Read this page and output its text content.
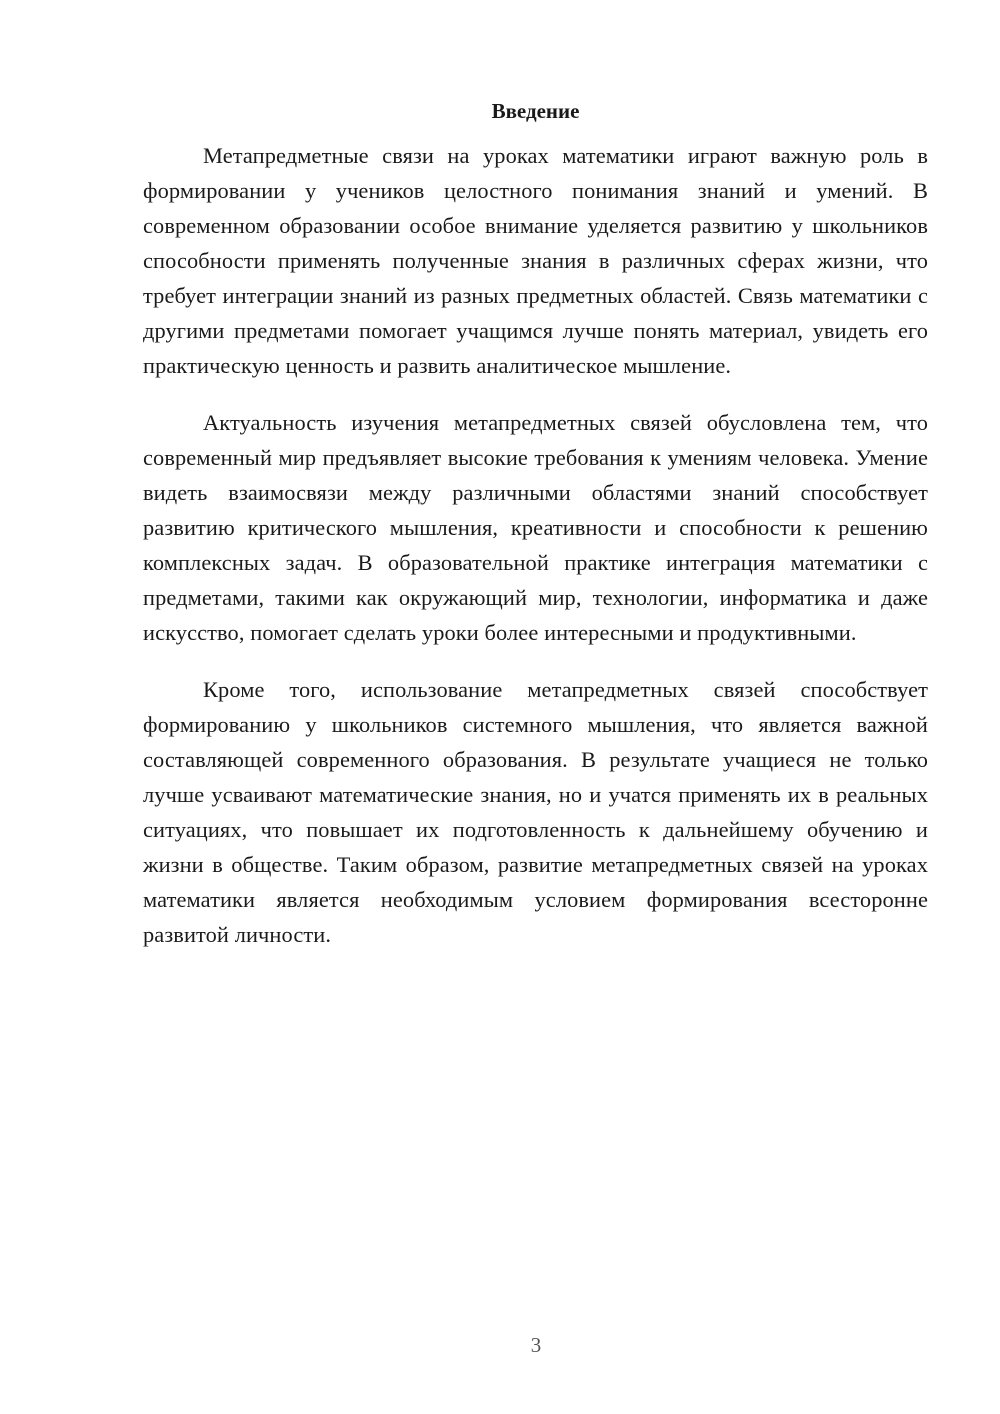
Введение

Метапредметные связи на уроках математики играют важную роль в формировании у учеников целостного понимания знаний и умений. В современном образовании особое внимание уделяется развитию у школьников способности применять полученные знания в различных сферах жизни, что требует интеграции знаний из разных предметных областей. Связь математики с другими предметами помогает учащимся лучше понять материал, увидеть его практическую ценность и развить аналитическое мышление.

Актуальность изучения метапредметных связей обусловлена тем, что современный мир предъявляет высокие требования к умениям человека. Умение видеть взаимосвязи между различными областями знаний способствует развитию критического мышления, креативности и способности к решению комплексных задач. В образовательной практике интеграция математики с предметами, такими как окружающий мир, технологии, информатика и даже искусство, помогает сделать уроки более интересными и продуктивными.

Кроме того, использование метапредметных связей способствует формированию у школьников системного мышления, что является важной составляющей современного образования. В результате учащиеся не только лучше усваивают математические знания, но и учатся применять их в реальных ситуациях, что повышает их подготовленность к дальнейшему обучению и жизни в обществе. Таким образом, развитие метапредметных связей на уроках математики является необходимым условием формирования всесторонне развитой личности.

3
